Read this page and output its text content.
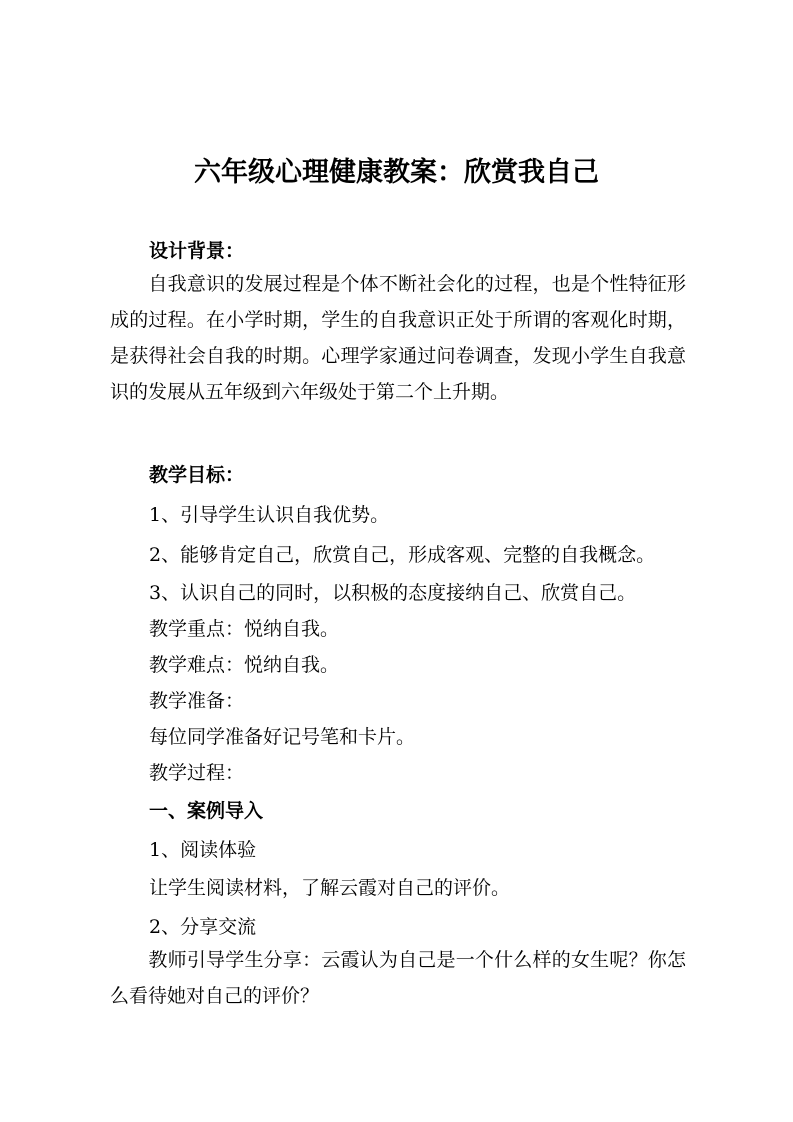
六年级心理健康教案：欣赏我自己
设计背景：
　　自我意识的发展过程是个体不断社会化的过程，也是个性特征形成的过程。在小学时期，学生的自我意识正处于所谓的客观化时期，是获得社会自我的时期。心理学家通过问卷调查，发现小学生自我意识的发展从五年级到六年级处于第二个上升期。
教学目标：
1、引导学生认识自我优势。
2、能够肯定自己，欣赏自己，形成客观、完整的自我概念。
3、认识自己的同时，以积极的态度接纳自己、欣赏自己。
教学重点：悦纳自我。
教学难点：悦纳自我。
教学准备：
每位同学准备好记号笔和卡片。
教学过程：
一、案例导入
1、阅读体验
让学生阅读材料，了解云霞对自己的评价。
2、分享交流
　　教师引导学生分享：云霞认为自己是一个什么样的女生呢？你怎么看待她对自己的评价？
